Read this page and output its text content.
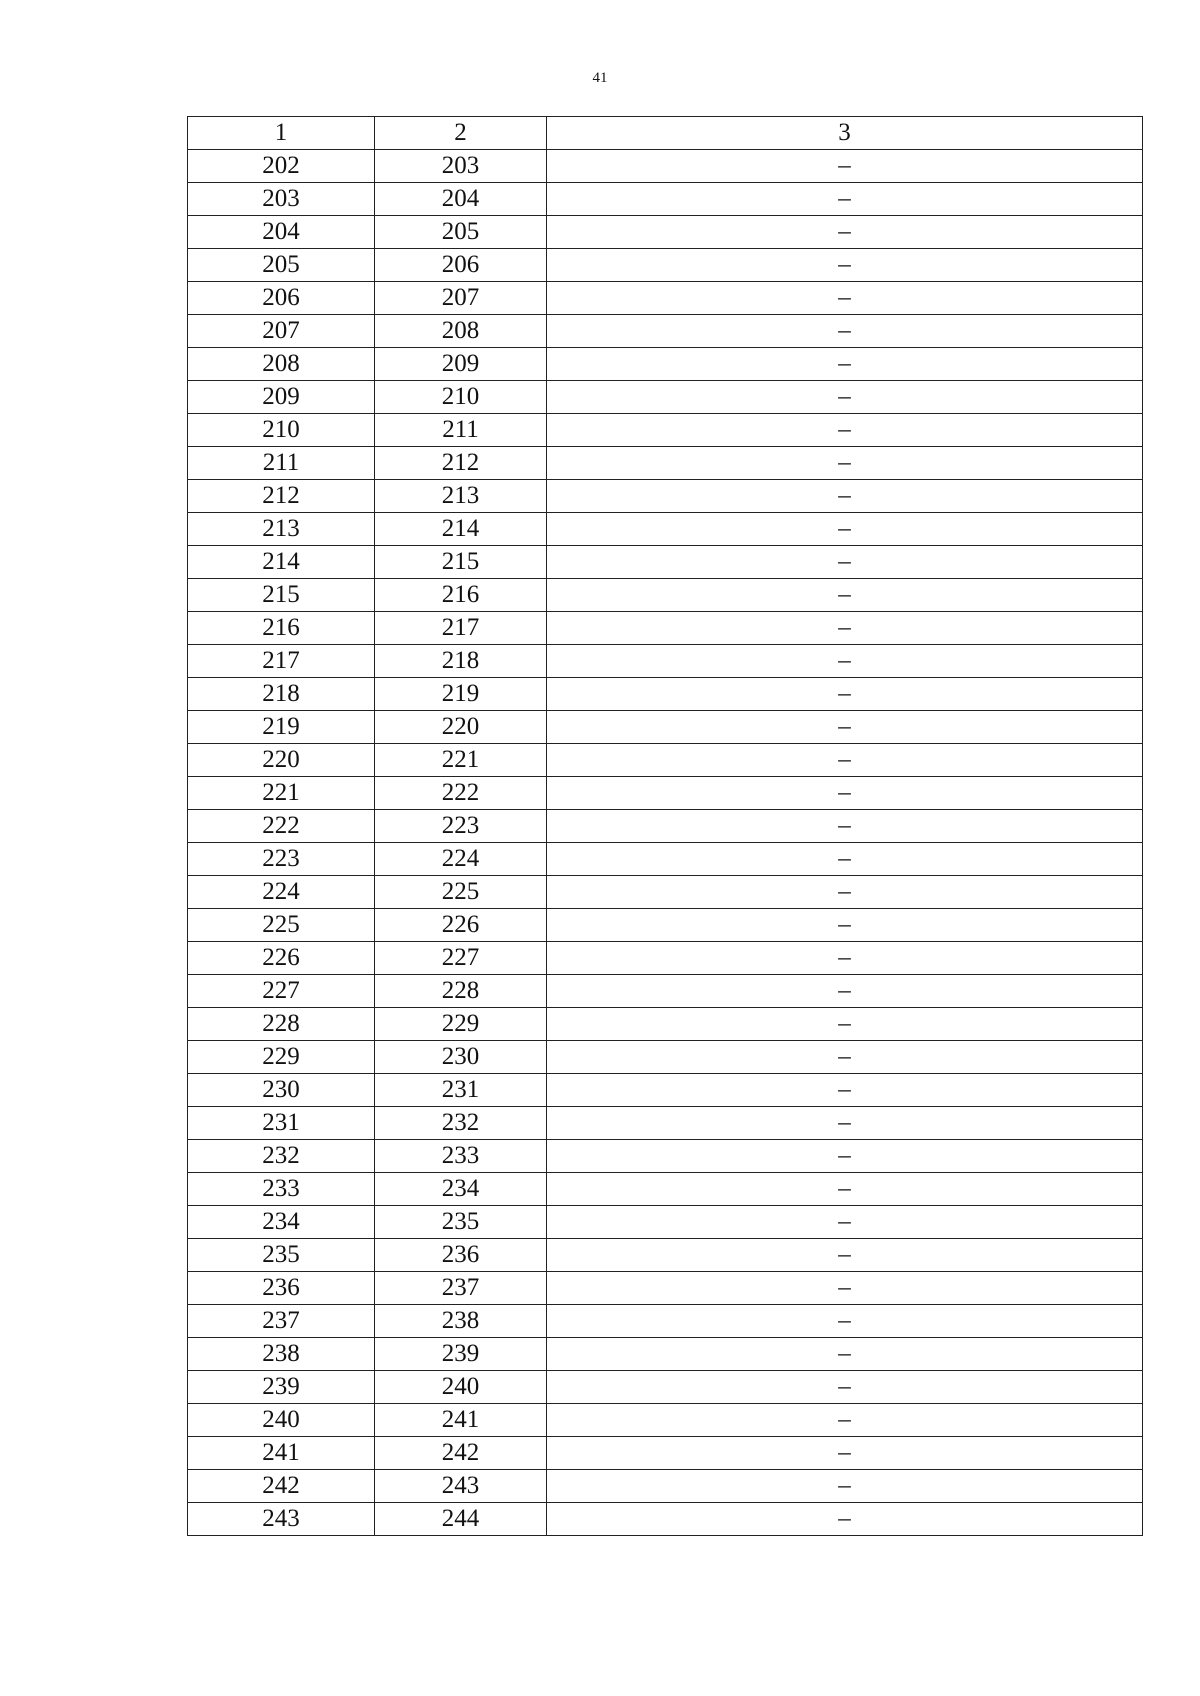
41
1	2	3
202	203	–
203	204	–
204	205	–
205	206	–
206	207	–
207	208	–
208	209	–
209	210	–
210	211	–
211	212	–
212	213	–
213	214	–
214	215	–
215	216	–
216	217	–
217	218	–
218	219	–
219	220	–
220	221	–
221	222	–
222	223	–
223	224	–
224	225	–
225	226	–
226	227	–
227	228	–
228	229	–
229	230	–
230	231	–
231	232	–
232	233	–
233	234	–
234	235	–
235	236	–
236	237	–
237	238	–
238	239	–
239	240	–
240	241	–
241	242	–
242	243	–
243	244	–
